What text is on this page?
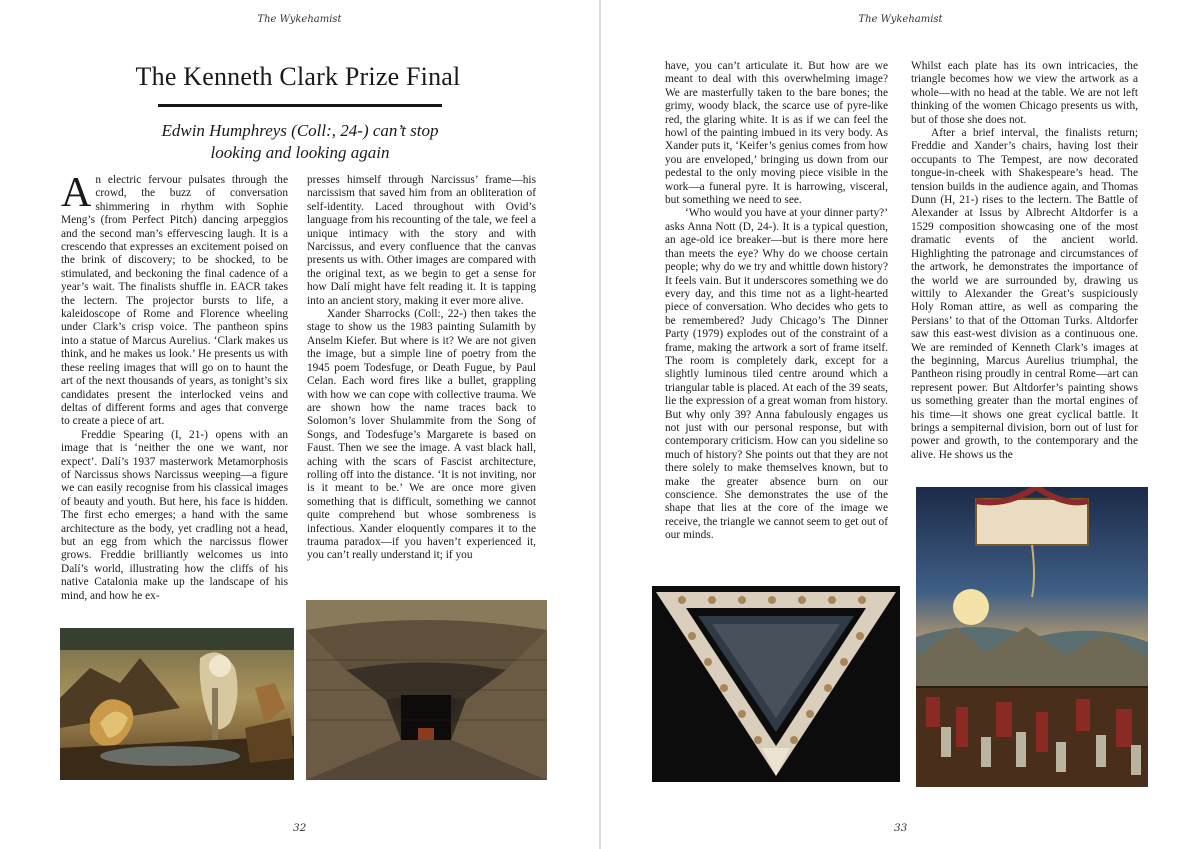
The Wykehamist
The Kenneth Clark Prize Final
Edwin Humphreys (Coll:, 24-) can’t stop
looking and looking again

An electric fervour pulsates through the crowd, the buzz of conversation shimmering in rhythm with Sophie Meng’s (from Perfect Pitch) dancing arpeggios and the second man’s effervescing laugh. It is a crescendo that expresses an excitement poised on the brink of discovery; to be shocked, to be stimulated, and beckoning the final cadence of a year’s wait. The finalists shuffle in. EACR takes the lectern. The projector bursts to life, a kaleidoscope of Rome and Florence wheeling under Clark’s crisp voice. The pantheon spins into a statue of Marcus Aurelius. ‘Clark makes us think, and he makes us look.’ He presents us with these reeling images that will go on to haunt the art of the next thousands of years, as tonight’s six candidates present the interlocked veins and deltas of different forms and ages that converge to create a piece of art.

Freddie Spearing (I, 21-) opens with an image that is ‘neither the one we want, nor expect’. Dalí’s 1937 masterwork Metamorphosis of Narcissus shows Narcissus weeping—a figure we can easily recognise from his classical images of beauty and youth. But here, his face is hidden. The first echo emerges; a hand with the same architecture as the body, yet cradling not a head, but an egg from which the narcissus flower grows. Freddie brilliantly welcomes us into Dalí’s world, illustrating how the cliffs of his native Catalonia make up the landscape of his mind, and how he ex-

presses himself through Narcissus’ frame—his narcissism that saved him from an obliteration of self-identity. Laced throughout with Ovid’s language from his recounting of the tale, we feel a unique intimacy with the story and with Narcissus, and every confluence that the canvas presents us with. Other images are compared with the original text, as we begin to get a sense for how Dalí might have felt reading it. It is tapping into an ancient story, making it ever more alive.

Xander Sharrocks (Coll:, 22-) then takes the stage to show us the 1983 painting Sulamith by Anselm Kiefer. But where is it? We are not given the image, but a simple line of poetry from the 1945 poem Todesfuge, or Death Fugue, by Paul Celan. Each word fires like a bullet, grappling with how we can cope with collective trauma. We are shown how the name traces back to Solomon’s lover Shulammite from the Song of Songs, and Todesfuge’s Margarete is based on Faust. Then we see the image. A vast black hall, aching with the scars of Fascist architecture, rolling off into the distance. ‘It is not inviting, nor is it meant to be.’ We are once more given something that is difficult, something we cannot quite comprehend but whose sombreness is infectious. Xander eloquently compares it to the trauma paradox—if you haven’t experienced it, you can’t really understand it; if you

32
The Wykehamist

have, you can’t articulate it. But how are we meant to deal with this overwhelming image? We are masterfully taken to the bare bones; the grimy, woody black, the scarce use of pyre-like red, the glaring white. It is as if we can feel the howl of the painting imbued in its very body. As Xander puts it, ‘Keifer’s genius comes from how you are enveloped,’ bringing us down from our pedestal to the only moving piece visible in the work—a funeral pyre. It is harrowing, visceral, but something we need to see.

‘Who would you have at your dinner party?’ asks Anna Nott (D, 24-). It is a typical question, an age-old ice breaker—but is there more here than meets the eye? Why do we choose certain people; why do we try and whittle down history? It feels vain. But it underscores something we do every day, and this time not as a light-hearted piece of conversation. Who decides who gets to be remembered? Judy Chicago’s The Dinner Party (1979) explodes out of the constraint of a frame, making the artwork a sort of frame itself. The room is completely dark, except for a slightly luminous tiled centre around which a triangular table is placed. At each of the 39 seats, lie the expression of a great woman from history. But why only 39? Anna fabulously engages us not just with our personal response, but with contemporary criticism. How can you sideline so much of history? She points out that they are not there solely to make themselves known, but to make the greater absence burn on our conscience. She demonstrates the use of the shape that lies at the core of the image we receive, the triangle we cannot seem to get out of our minds.

Whilst each plate has its own intricacies, the triangle becomes how we view the artwork as a whole—with no head at the table. We are not left thinking of the women Chicago presents us with, but of those she does not.

After a brief interval, the finalists return; Freddie and Xander’s chairs, having lost their occupants to The Tempest, are now decorated tongue-in-cheek with Shakespeare’s head. The tension builds in the audience again, and Thomas Dunn (H, 21-) rises to the lectern. The Battle of Alexander at Issus by Albrecht Altdorfer is a 1529 composition showcasing one of the most dramatic events of the ancient world. Highlighting the patronage and circumstances of the artwork, he demonstrates the importance of the world we are surrounded by, drawing us wittily to Alexander the Great’s suspiciously Holy Roman attire, as well as comparing the Persians’ to that of the Ottoman Turks. Altdorfer saw this east-west division as a continuous one. We are reminded of Kenneth Clark’s images at the beginning, Marcus Aurelius triumphal, the Pantheon rising proudly in central Rome—art can represent power. But Altdorfer’s painting shows us something greater than the mortal engines of his time—it shows one great cyclical battle. It brings a sempiternal division, born out of lust for power and growth, to the contemporary and the alive. He shows us the

33
